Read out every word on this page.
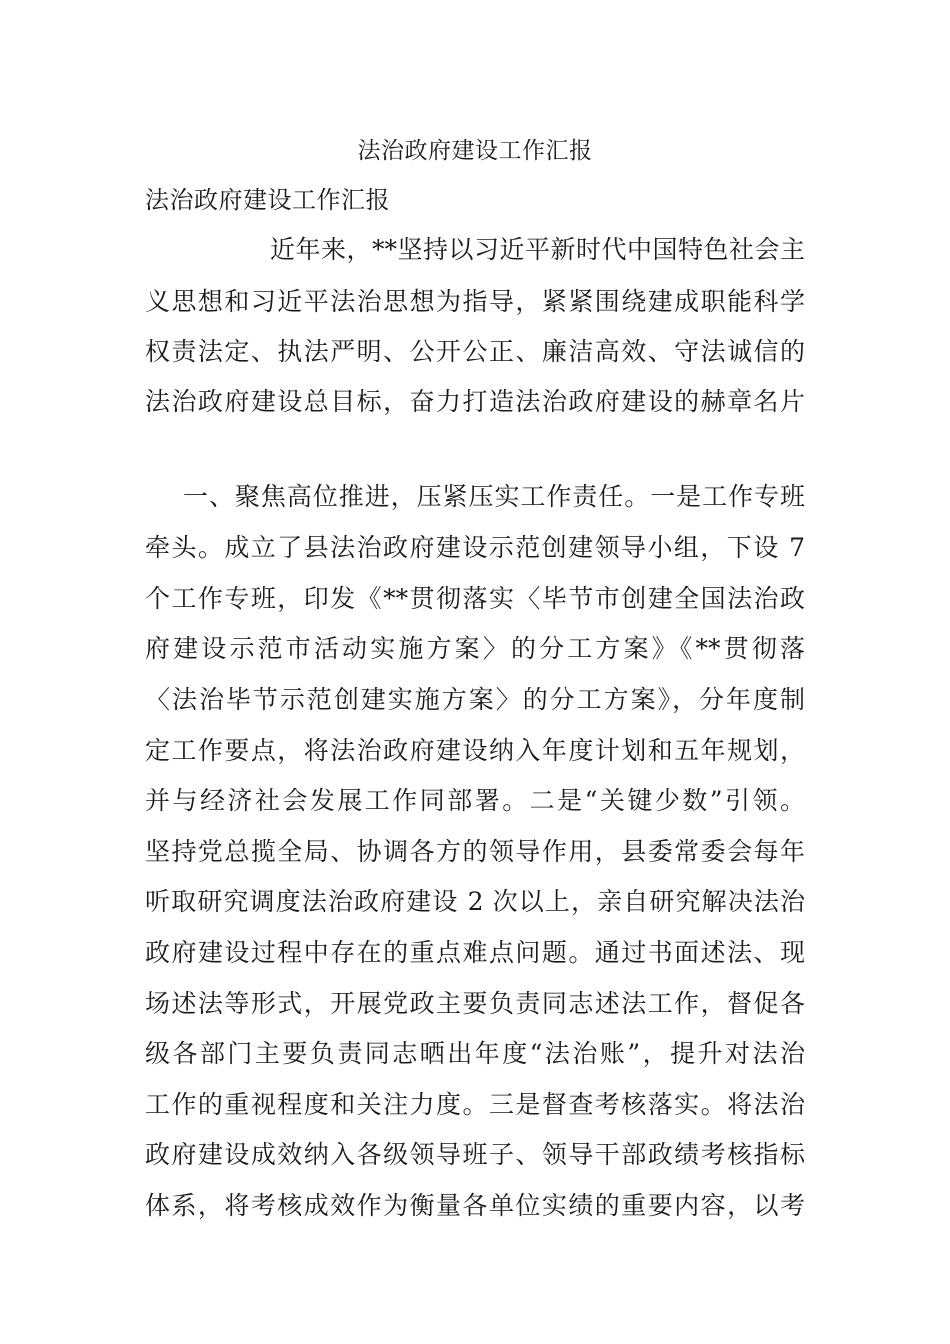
法治政府建设工作汇报
法治政府建设工作汇报
近年来，**坚持以习近平新时代中国特色社会主
义思想和习近平法治思想为指导，紧紧围绕建成职能科学
权责法定、执法严明、公开公正、廉洁高效、守法诚信的
法治政府建设总目标，奋力打造法治政府建设的赫章名片
一、聚焦高位推进，压紧压实工作责任。一是工作专班
牵头。成立了县法治政府建设示范创建领导小组，下设 7
个工作专班，印发《**贯彻落实〈毕节市创建全国法治政
府建设示范市活动实施方案〉的分工方案》《**贯彻落
〈法治毕节示范创建实施方案〉的分工方案》，分年度制
定工作要点，将法治政府建设纳入年度计划和五年规划，
并与经济社会发展工作同部署。二是“关键少数”引领。
坚持党总揽全局、协调各方的领导作用，县委常委会每年
听取研究调度法治政府建设 2 次以上，亲自研究解决法治
政府建设过程中存在的重点难点问题。通过书面述法、现
场述法等形式，开展党政主要负责同志述法工作，督促各
级各部门主要负责同志晒出年度“法治账”，提升对法治
工作的重视程度和关注力度。三是督查考核落实。将法治
政府建设成效纳入各级领导班子、领导干部政绩考核指标
体系，将考核成效作为衡量各单位实绩的重要内容，以考
